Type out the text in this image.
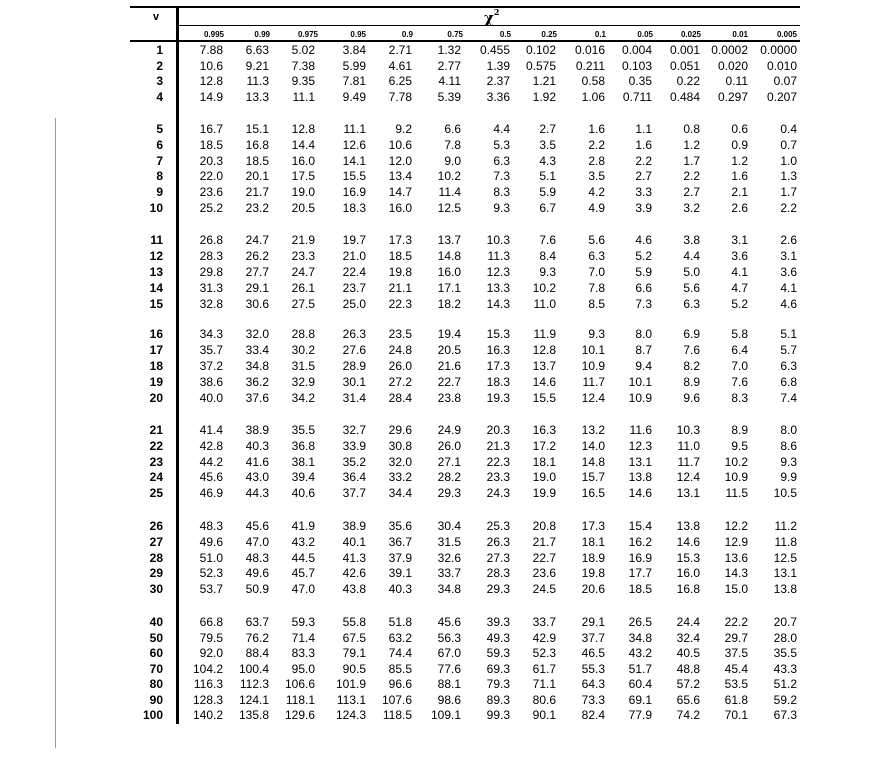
v	$\chi^2$
0.995	0.99	0.975	0.95	0.9	0.75	0.5	0.25	0.1	0.05	0.025	0.01	0.005
1	7.88 6.63 5.02 3.84 2.71 1.32 0.455 0.102 0.016 0.004 0.001 0.0002 0.0000
2	10.6 9.21 7.38 5.99 4.61 2.77 1.39 0.575 0.211 0.103 0.051 0.020 0.010
3	12.8 11.3 9.35 7.81 6.25 4.11 2.37 1.21 0.58 0.35 0.22 0.11 0.07
4	14.9 13.3 11.1 9.49 7.78 5.39 3.36 1.92 1.06 0.711 0.484 0.297 0.207
5	16.7 15.1 12.8 11.1 9.2	6.6	4.4 2.7	1.6	1.1	0.8	0.6	0.4
6	18.5 16.8 14.4 12.6 10.6	7.8	5.3 3.5	2.2	1.6	1.2	0.9	0.7
7	20.3 18.5 16.0 14.1 12.0	9.0	6.3 4.3	2.8	2.2	1.7	1.2	1.0
8	22.0 20.1 17.5 15.5 13.4 10.2	7.3 5.1	3.5	2.7	2.2	1.6	1.3
9	23.6 21.7 19.0 16.9 14.7 11.4	8.3 5.9	4.2	3.3	2.7	2.1	1.7
10	25.2 23.2 20.5 18.3 16.0 12.5	9.3 6.7	4.9	3.9	3.2	2.6	2.2
11	26.8 24.7 21.9 19.7 17.3 13.7 10.3 7.6	5.6	4.6	3.8	3.1	2.6
12	28.3 26.2 23.3 21.0 18.5 14.8 11.3 8.4	6.3	5.2	4.4	3.6	3.1
13	29.8 27.7 24.7 22.4 19.8 16.0 12.3 9.3	7.0	5.9	5.0	4.1	3.6
14	31.3 29.1 26.1 23.7 21.1 17.1 13.3 10.2	7.8	6.6	5.6	4.7	4.1
15	32.8 30.6 27.5 25.0 22.3 18.2 14.3 11.0	8.5	7.3	6.3	5.2	4.6
16	34.3 32.0 28.8 26.3 23.5 19.4 15.3 11.9	9.3	8.0	6.9	5.8	5.1
17	35.7 33.4 30.2 27.6 24.8 20.5 16.3 12.8 10.1	8.7	7.6	6.4	5.7
18	37.2 34.8 31.5 28.9 26.0 21.6 17.3 13.7 10.9	9.4	8.2	7.0	6.3
19	38.6 36.2 32.9 30.1 27.2 22.7 18.3 14.6 11.7 10.1	8.9	7.6	6.8
20	40.0 37.6 34.2 31.4 28.4 23.8 19.3 15.5 12.4 10.9	9.6	8.3	7.4
21	41.4 38.9 35.5 32.7 29.6 24.9 20.3 16.3 13.2 11.6 10.3	8.9	8.0
22	42.8 40.3 36.8 33.9 30.8 26.0 21.3 17.2 14.0 12.3 11.0	9.5	8.6
23	44.2 41.6 38.1 35.2 32.0 27.1 22.3 18.1 14.8 13.1 11.7 10.2	9.3
24	45.6 43.0 39.4 36.4 33.2 28.2 23.3 19.0 15.7 13.8 12.4 10.9	9.9
25	46.9 44.3 40.6 37.7 34.4 29.3 24.3 19.9 16.5 14.6 13.1 11.5 10.5
26	48.3 45.6 41.9 38.9 35.6 30.4 25.3 20.8 17.3 15.4 13.8 12.2 11.2
27	49.6 47.0 43.2 40.1 36.7 31.5 26.3 21.7 18.1 16.2 14.6 12.9 11.8
28	51.0 48.3 44.5 41.3 37.9 32.6 27.3 22.7 18.9 16.9 15.3 13.6 12.5
29	52.3 49.6 45.7 42.6 39.1 33.7 28.3 23.6 19.8 17.7 16.0 14.3 13.1
30	53.7 50.9 47.0 43.8 40.3 34.8 29.3 24.5 20.6 18.5 16.8 15.0 13.8
40	66.8 63.7 59.3 55.8 51.8 45.6 39.3 33.7 29.1 26.5 24.4 22.2 20.7
50	79.5 76.2 71.4 67.5 63.2 56.3 49.3 42.9 37.7 34.8 32.4 29.7 28.0
60	92.0 88.4 83.3 79.1 74.4 67.0 59.3 52.3 46.5 43.2 40.5 37.5 35.5
70 104.2 100.4 95.0 90.5 85.5 77.6 69.3 61.7 55.3 51.7 48.8 45.4 43.3
80	116.3 112.3 106.6 101.9 96.6 88.1 79.3 71.1 64.3 60.4 57.2 53.5 51.2
90 128.3 124.1 118.1 113.1 107.6 98.6 89.3 80.6 73.3 69.1 65.6 61.8 59.2
100 140.2 135.8 129.6 124.3 118.5 109.1 99.3 90.1 82.4 77.9 74.2 70.1 67.3
